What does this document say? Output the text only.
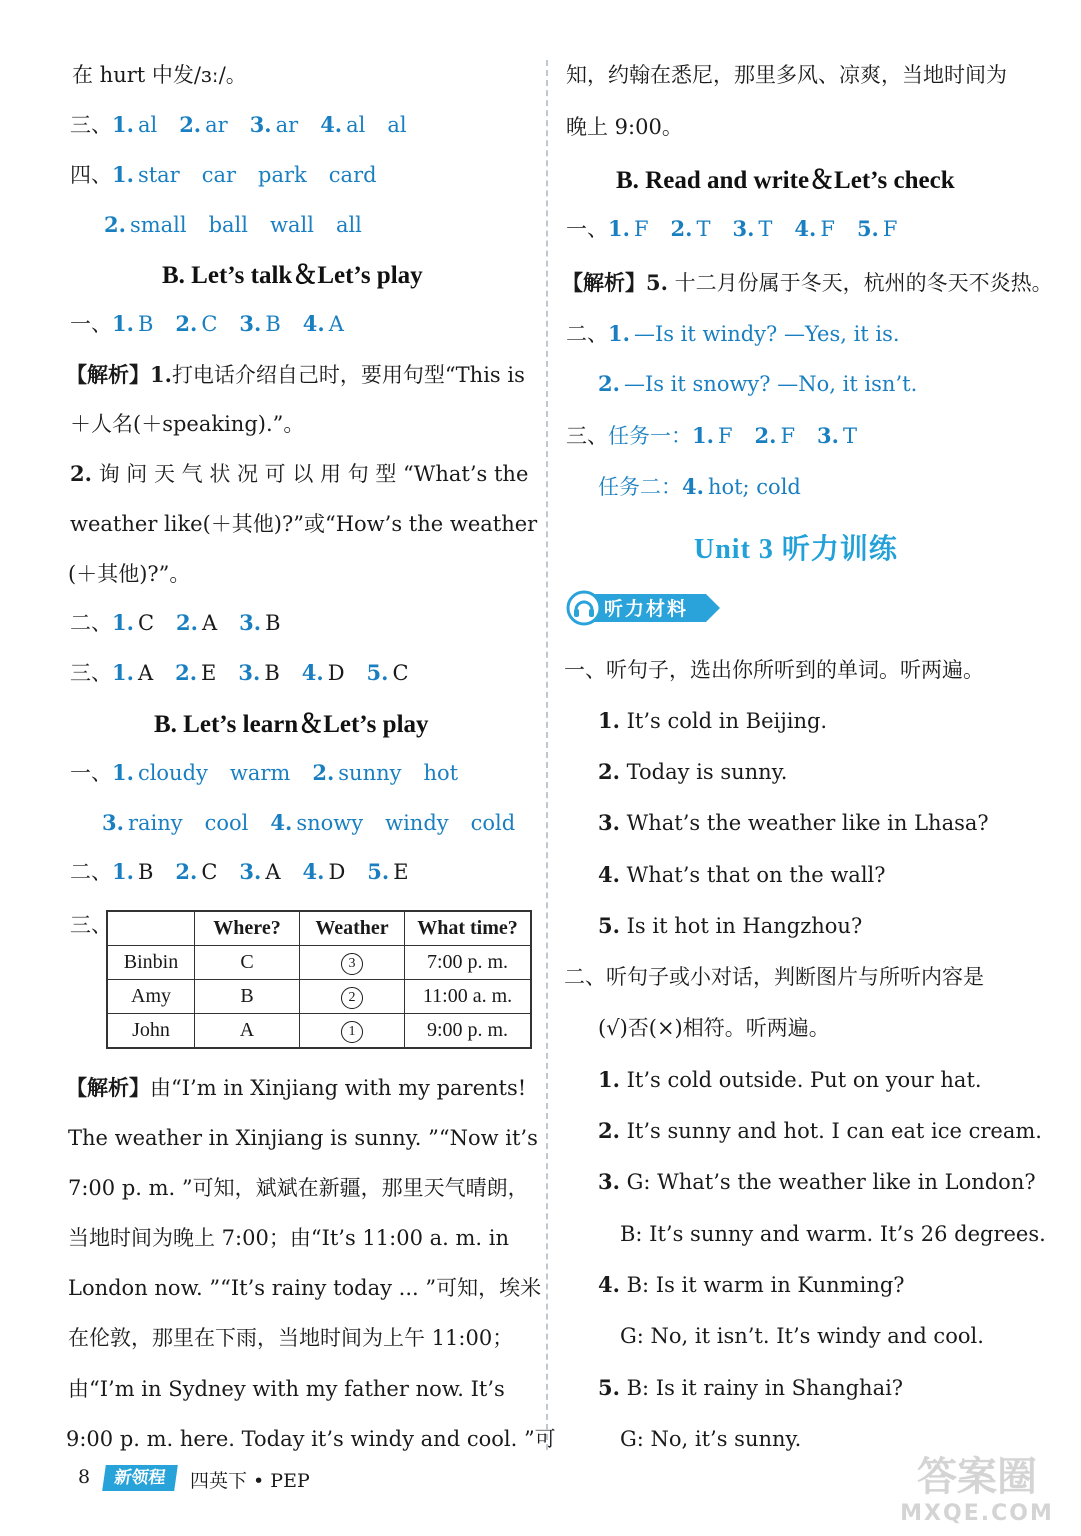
在 hurt 中发/ɜː/。
三、1. al 2. ar 3. ar 4. al al
四、1. star car park card
2. small ball wall all
B. Let’s talk＆Let’s play
一、1. B 2. C 3. B 4. A
【解析】1.打电话介绍自己时，要用句型“This is
＋人名(＋speaking).”。
2. 询 问 天 气 状 况 可 以 用 句 型 “What’s the
weather like(＋其他)?”或“How’s the weather
(＋其他)?”。
二、1. C 2. A 3. B
三、1. A 2. E 3. B 4. D 5. C
B. Let’s learn＆Let’s play
一、1. cloudy warm 2. sunny hot
3. rainy cool 4. snowy windy cold
二、1. B 2. C 3. A 4. D 5. E
三、
		Where?	Weather	What time?
Binbin	C	3	7:00 p. m.
Amy	B	2	11:00 a. m.
John	A	1	9:00 p. m.
【解析】由“I’m in Xinjiang with my parents!
The weather in Xinjiang is sunny. ”“Now it’s
7:00 p. m. ”可知，斌斌在新疆，那里天气晴朗，
当地时间为晚上 7:00；由“It’s 11:00 a. m. in
London now. ”“It’s rainy today ... ”可知，埃米
在伦敦，那里在下雨，当地时间为上午 11:00；
由“I’m in Sydney with my father now. It’s
9:00 p. m. here. Today it’s windy and cool. ”可
知，约翰在悉尼，那里多风、凉爽，当地时间为
晚上 9:00。
B. Read and write＆Let’s check
一、1. F 2. T 3. T 4. F 5. F
【解析】5. 十二月份属于冬天，杭州的冬天不炎热。
二、1. —Is it windy? —Yes, it is.
2. —Is it snowy? —No, it isn’t.
三、任务一：1. F 2. F 3. T
任务二：4. hot; cold
Unit 3 听力训练
听力材料
一、听句子，选出你所听到的单词。听两遍。
1. It’s cold in Beijing.
2. Today is sunny.
3. What’s the weather like in Lhasa?
4. What’s that on the wall?
5. Is it hot in Hangzhou?
二、听句子或小对话，判断图片与所听内容是
(√)否(×)相符。听两遍。
1. It’s cold outside. Put on your hat.
2. It’s sunny and hot. I can eat ice cream.
3. G: What’s the weather like in London?
B: It’s sunny and warm. It’s 26 degrees.
4. B: Is it warm in Kunming?
G: No, it isn’t. It’s windy and cool.
5. B: Is it rainy in Shanghai?
G: No, it’s sunny.
8	新领程	四英下 • PEP	答案圈
MXQE.COM
